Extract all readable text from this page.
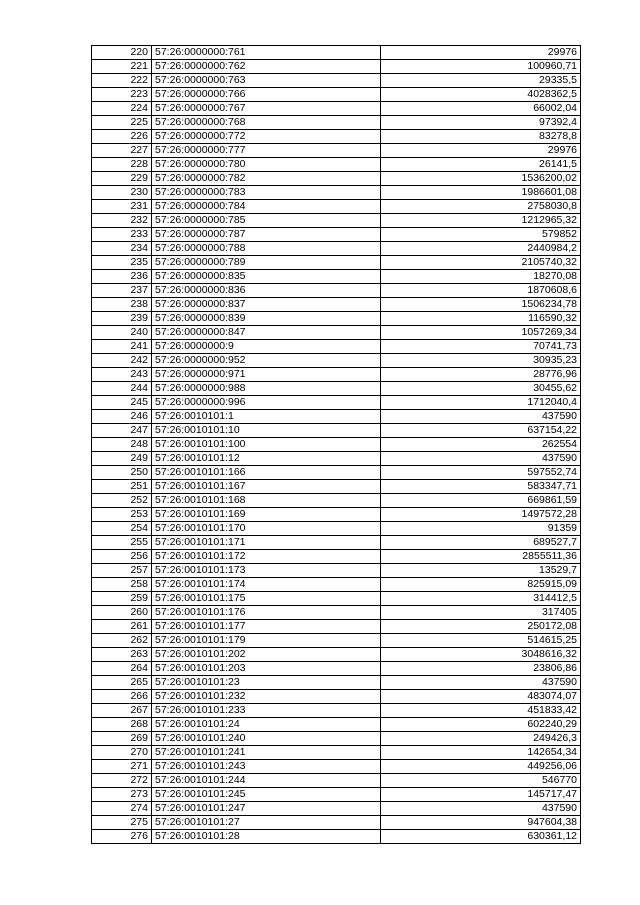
220	57:26:0000000:761	29976
221	57:26:0000000:762	100960,71
222	57:26:0000000:763	29335,5
223	57:26:0000000:766	4028362,5
224	57:26:0000000:767	66002,04
225	57:26:0000000:768	97392,4
226	57:26:0000000:772	83278,8
227	57:26:0000000:777	29976
228	57:26:0000000:780	26141,5
229	57:26:0000000:782	1536200,02
230	57:26:0000000:783	1986601,08
231	57:26:0000000:784	2758030,8
232	57:26:0000000:785	1212965,32
233	57:26:0000000:787	579852
234	57:26:0000000:788	2440984,2
235	57:26:0000000:789	2105740,32
236	57:26:0000000:835	18270,08
237	57:26:0000000:836	1870608,6
238	57:26:0000000:837	1506234,78
239	57:26:0000000:839	116590,32
240	57:26:0000000:847	1057269,34
241	57:26:0000000:9	70741,73
242	57:26:0000000:952	30935,23
243	57:26:0000000:971	28776,96
244	57:26:0000000:988	30455,62
245	57:26:0000000:996	1712040,4
246	57:26:0010101:1	437590
247	57:26:0010101:10	637154,22
248	57:26:0010101:100	262554
249	57:26:0010101:12	437590
250	57:26:0010101:166	597552,74
251	57:26:0010101:167	583347,71
252	57:26:0010101:168	669861,59
253	57:26:0010101:169	1497572,28
254	57:26:0010101:170	91359
255	57:26:0010101:171	689527,7
256	57:26:0010101:172	2855511,36
257	57:26:0010101:173	13529,7
258	57:26:0010101:174	825915,09
259	57:26:0010101:175	314412,5
260	57:26:0010101:176	317405
261	57:26:0010101:177	250172,08
262	57:26:0010101:179	514615,25
263	57:26:0010101:202	3048616,32
264	57:26:0010101:203	23806,86
265	57:26:0010101:23	437590
266	57:26:0010101:232	483074,07
267	57:26:0010101:233	451833,42
268	57:26:0010101:24	602240,29
269	57:26:0010101:240	249426,3
270	57:26:0010101:241	142654,34
271	57:26:0010101:243	449256,06
272	57:26:0010101:244	546770
273	57:26:0010101:245	145717,47
274	57:26:0010101:247	437590
275	57:26:0010101:27	947604,38
276	57:26:0010101:28	630361,12
